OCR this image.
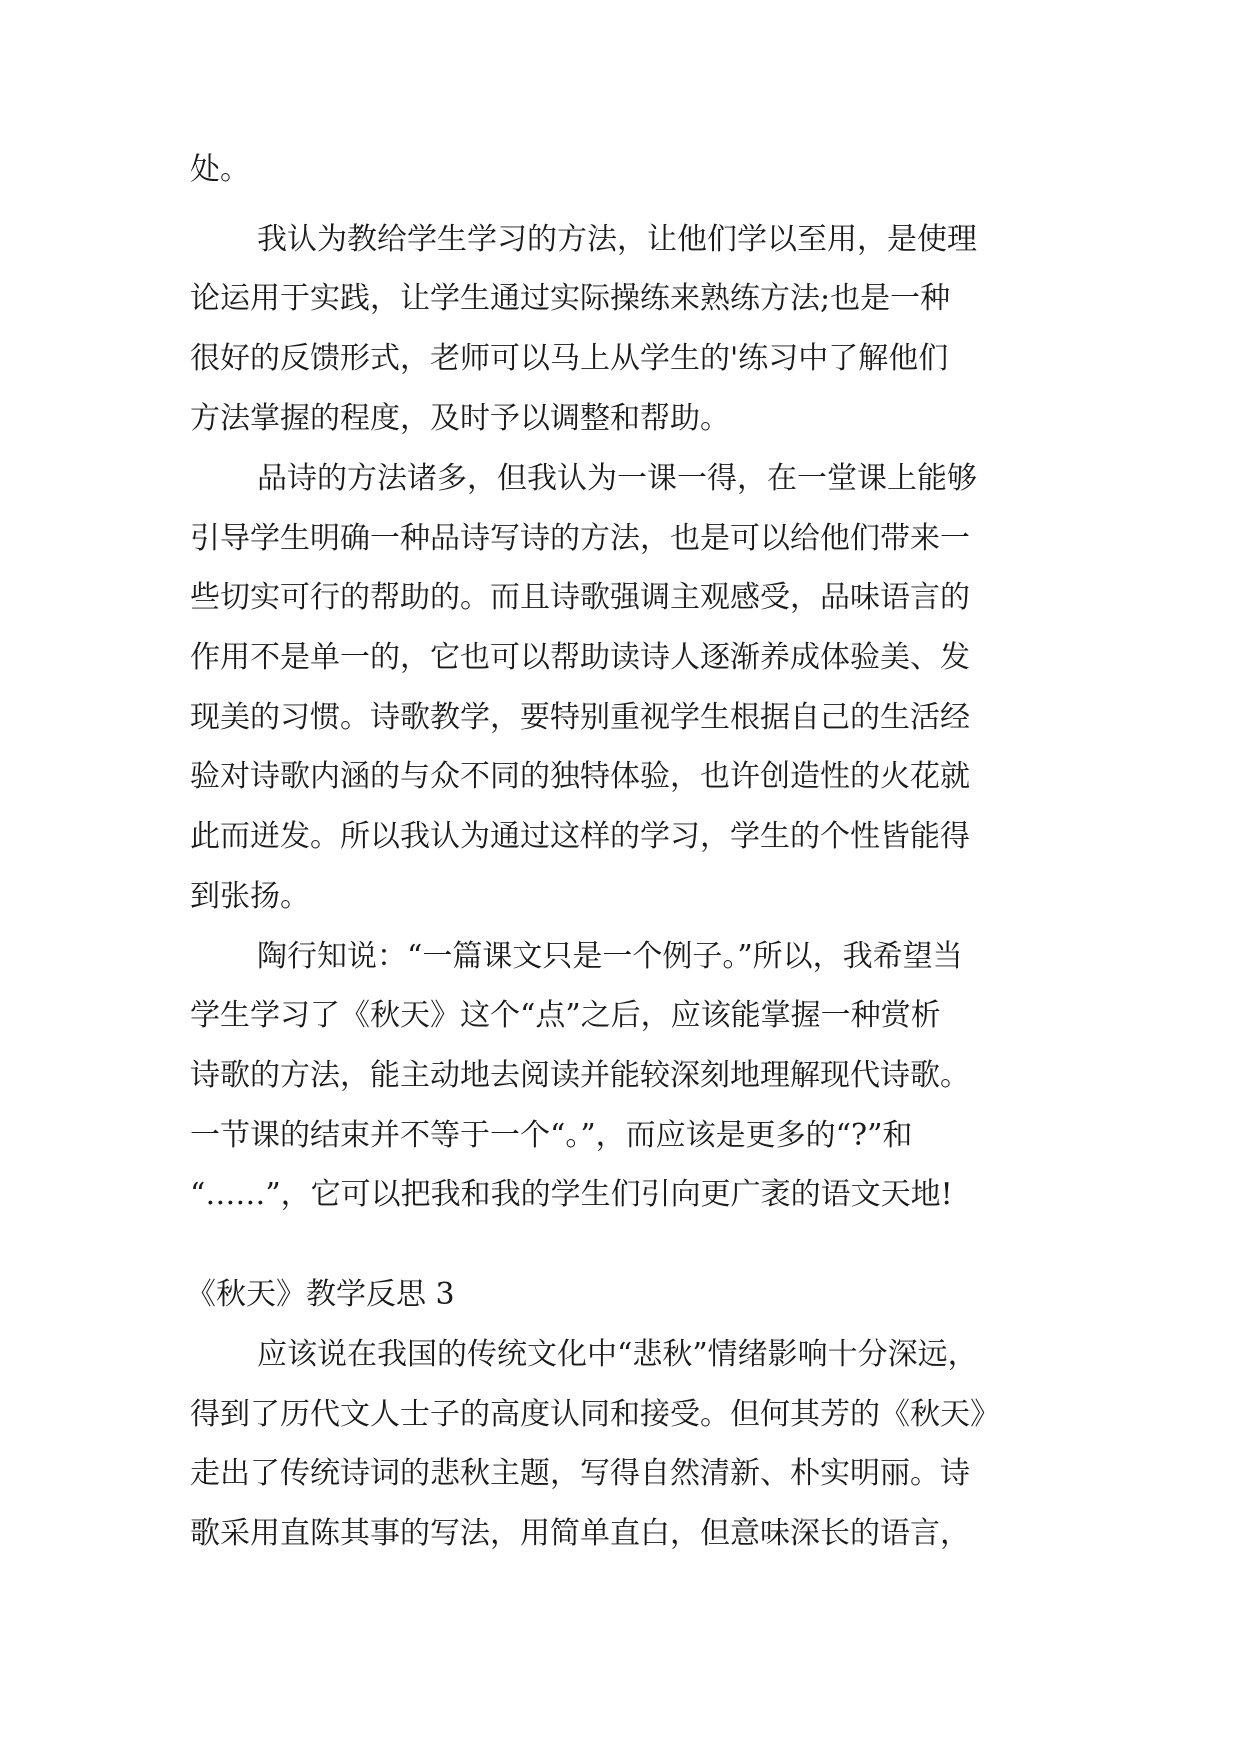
处。
我认为教给学生学习的方法，让他们学以至用，是使理
论运用于实践，让学生通过实际操练来熟练方法;也是一种
很好的反馈形式，老师可以马上从学生的'练习中了解他们
方法掌握的程度，及时予以调整和帮助。
品诗的方法诸多，但我认为一课一得，在一堂课上能够
引导学生明确一种品诗写诗的方法，也是可以给他们带来一
些切实可行的帮助的。而且诗歌强调主观感受，品味语言的
作用不是单一的，它也可以帮助读诗人逐渐养成体验美、发
现美的习惯。诗歌教学，要特别重视学生根据自己的生活经
验对诗歌内涵的与众不同的独特体验，也许创造性的火花就
此而迸发。所以我认为通过这样的学习，学生的个性皆能得
到张扬。
陶行知说：“一篇课文只是一个例子。”所以，我希望当
学生学习了《秋天》这个“点”之后，应该能掌握一种赏析
诗歌的方法，能主动地去阅读并能较深刻地理解现代诗歌。
一节课的结束并不等于一个“。”，而应该是更多的“?”和
“……”，它可以把我和我的学生们引向更广袤的语文天地!
《秋天》教学反思 3
应该说在我国的传统文化中“悲秋”情绪影响十分深远，
得到了历代文人士子的高度认同和接受。但何其芳的《秋天》
走出了传统诗词的悲秋主题，写得自然清新、朴实明丽。诗
歌采用直陈其事的写法，用简单直白，但意味深长的语言，
